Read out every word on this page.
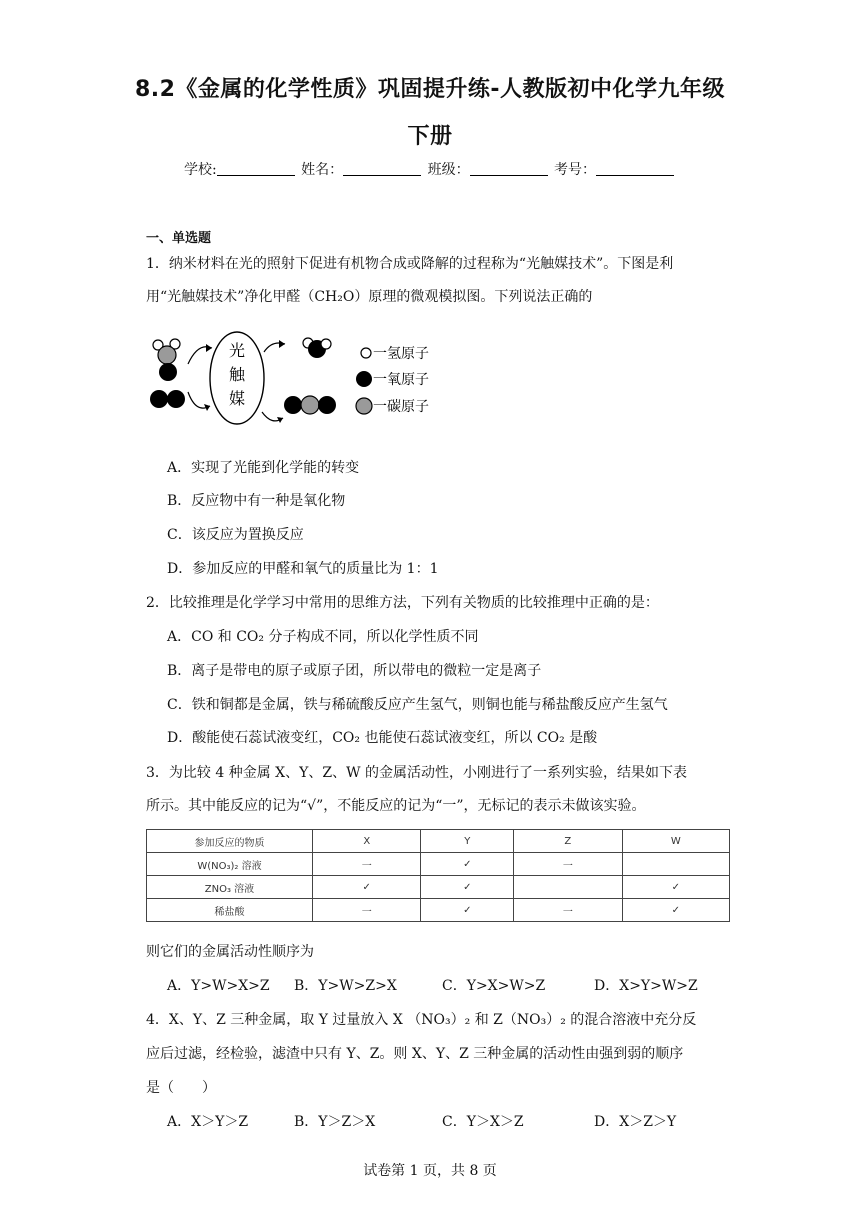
8.2《金属的化学性质》巩固提升练-人教版初中化学九年级
下册
学校:	姓名：	班级：	考号：
一、单选题
1．纳米材料在光的照射下促进有机物合成或降解的过程称为“光触媒技术”。下图是利
用“光触媒技术”净化甲醛（CH₂O）原理的微观模拟图。下列说法正确的
光
触
媒
一氢原子
一氧原子
一碳原子
A．实现了光能到化学能的转变
B．反应物中有一种是氧化物
C．该反应为置换反应
D．参加反应的甲醛和氧气的质量比为 1：1
2．比较推理是化学学习中常用的思维方法，下列有关物质的比较推理中正确的是：
A．CO 和 CO₂ 分子构成不同，所以化学性质不同
B．离子是带电的原子或原子团，所以带电的微粒一定是离子
C．铁和铜都是金属，铁与稀硫酸反应产生氢气，则铜也能与稀盐酸反应产生氢气
D．酸能使石蕊试液变红，CO₂ 也能使石蕊试液变红，所以 CO₂ 是酸
3．为比较 4 种金属 X、Y、Z、W 的金属活动性，小刚进行了一系列实验，结果如下表
所示。其中能反应的记为“√”，不能反应的记为“一”，无标记的表示未做该实验。
参加反应的物质	X	Y	Z	W
W(NO₃)₂ 溶液	一	✓	一	
ZNO₃ 溶液	✓	✓		✓
稀盐酸	一	✓	一	✓
则它们的金属活动性顺序为
A．Y>W>X>Z B．Y>W>Z>X	C．Y>X>W>Z	D．X>Y>W>Z
4．X、Y、Z 三种金属，取 Y 过量放入 X （NO₃）₂ 和 Z（NO₃）₂ 的混合溶液中充分反
应后过滤，经检验，滤渣中只有 Y、Z。则 X、Y、Z 三种金属的活动性由强到弱的顺序
是（　　）
A．X＞Y＞Z	B．Y＞Z＞X	C．Y＞X＞Z	D．X＞Z＞Y
试卷第 1 页，共 8 页
